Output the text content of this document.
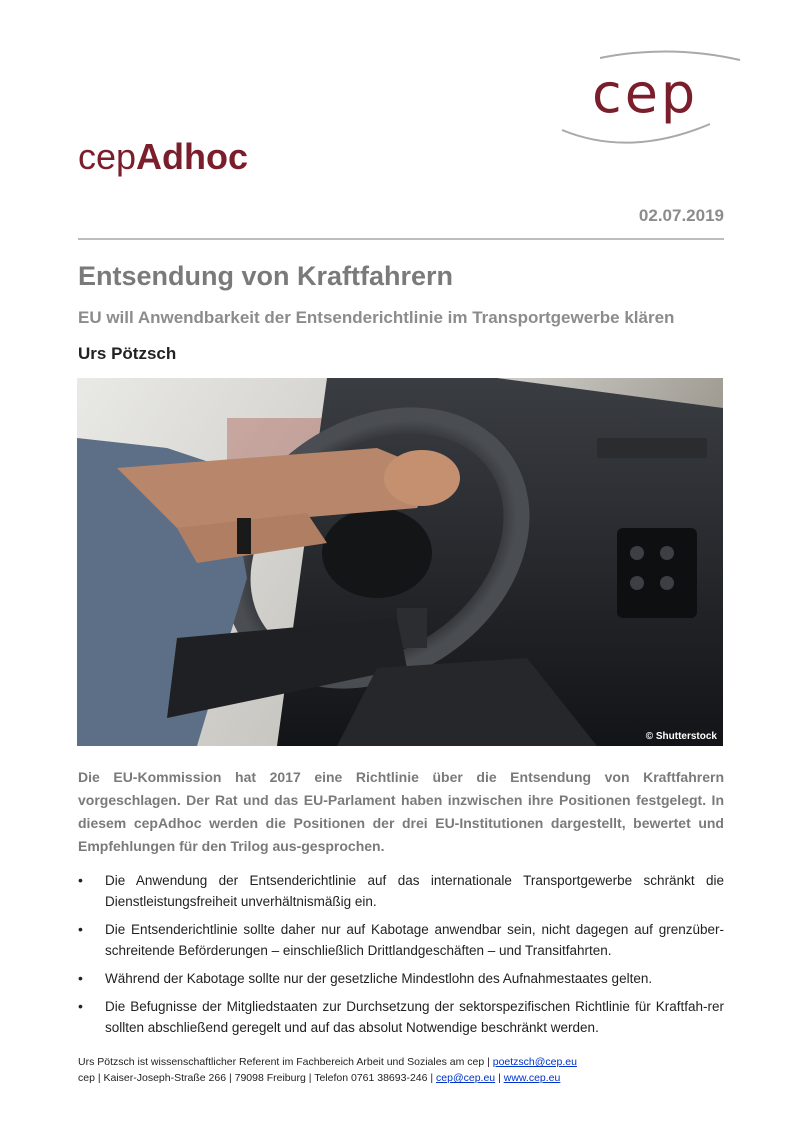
cep
cepAdhoc
02.07.2019
Entsendung von Kraftfahrern
EU will Anwendbarkeit der Entsenderichtlinie im Transportgewerbe klären
Urs Pötzsch
© Shutterstock
Die EU-Kommission hat 2017 eine Richtlinie über die Entsendung von Kraftfahrern vorgeschlagen. Der Rat und das EU-Parlament haben inzwischen ihre Positionen festgelegt. In diesem cepAdhoc werden die Positionen der drei EU-Institutionen dargestellt, bewertet und Empfehlungen für den Trilog aus-gesprochen.
• Die Anwendung der Entsenderichtlinie auf das internationale Transportgewerbe schränkt die Dienstleistungsfreiheit unverhältnismäßig ein.
• Die Entsenderichtlinie sollte daher nur auf Kabotage anwendbar sein, nicht dagegen auf grenzüber-schreitende Beförderungen – einschließlich Drittlandgeschäften – und Transitfahrten.
• Während der Kabotage sollte nur der gesetzliche Mindestlohn des Aufnahmestaates gelten.
• Die Befugnisse der Mitgliedstaaten zur Durchsetzung der sektorspezifischen Richtlinie für Kraftfah-rer sollten abschließend geregelt und auf das absolut Notwendige beschränkt werden.
Urs Pötzsch ist wissenschaftlicher Referent im Fachbereich Arbeit und Soziales am cep | poetzsch@cep.eu
cep | Kaiser-Joseph-Straße 266 | 79098 Freiburg | Telefon 0761 38693-246 | cep@cep.eu | www.cep.eu
